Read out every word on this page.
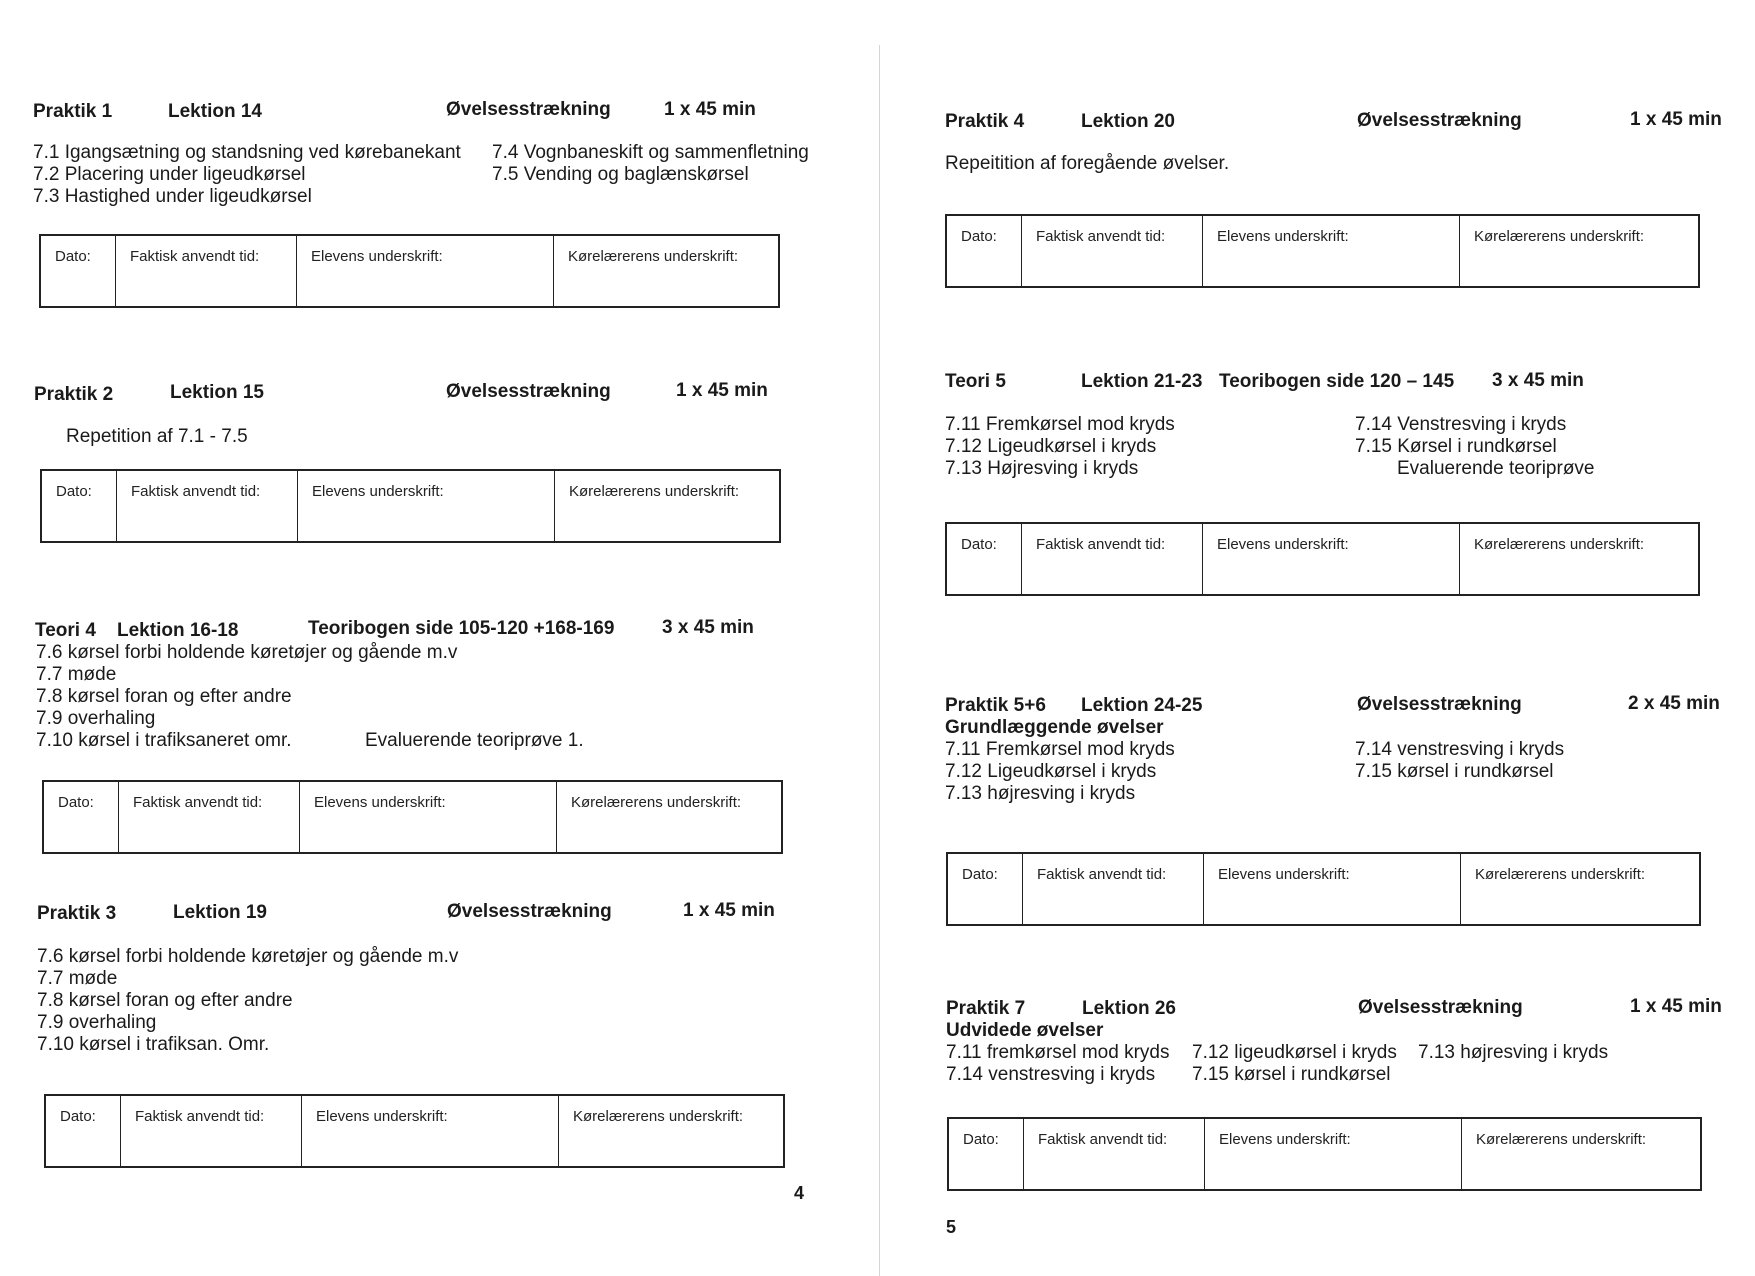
Praktik 1	Lektion 14	Øvelsesstrækning	1 x 45 min
7.1 Igangsætning og standsning ved kørebanekant
7.2 Placering under ligeudkørsel
7.3 Hastighed under ligeudkørsel
7.4 Vognbaneskift og sammenfletning
7.5 Vending og baglænskørsel
Dato:	Faktisk anvendt tid:	Elevens underskrift:	Kørelærerens underskrift:
Praktik 2	Lektion 15	Øvelsesstrækning	1 x 45 min
Repetition af 7.1 - 7.5
Dato:	Faktisk anvendt tid:	Elevens underskrift:	Kørelærerens underskrift:
Teori 4 Lektion 16-18	Teoribogen side 105-120 +168-169	3 x 45 min
7.6 kørsel forbi holdende køretøjer og gående m.v
7.7 møde
7.8 kørsel foran og efter andre
7.9 overhaling
7.10 kørsel i trafiksaneret omr.	Evaluerende teoriprøve 1.
Dato:	Faktisk anvendt tid:	Elevens underskrift:	Kørelærerens underskrift:
Praktik 3	Lektion 19	Øvelsesstrækning	1 x 45 min
7.6 kørsel forbi holdende køretøjer og gående m.v
7.7 møde
7.8 kørsel foran og efter andre
7.9 overhaling
7.10 kørsel i trafiksan. Omr.
Dato:	Faktisk anvendt tid:	Elevens underskrift:	Kørelærerens underskrift:
4
Praktik 4	Lektion 20	Øvelsesstrækning	1 x 45 min
Repeitition af foregående øvelser.
Dato:	Faktisk anvendt tid:	Elevens underskrift:	Kørelærerens underskrift:
Teori 5	Lektion 21-23 Teoribogen side 120 – 145 3 x 45 min
7.11 Fremkørsel mod kryds
7.12 Ligeudkørsel i kryds
7.13 Højresving i kryds
7.14 Venstresving i kryds
7.15 Kørsel i rundkørsel
Evaluerende teoriprøve
Dato:	Faktisk anvendt tid:	Elevens underskrift:	Kørelærerens underskrift:
Praktik 5+6 Lektion 24-25	Øvelsesstrækning	2 x 45 min
Grundlæggende øvelser
7.11 Fremkørsel mod kryds
7.12 Ligeudkørsel i kryds
7.13 højresving i kryds
7.14 venstresving i kryds
7.15 kørsel i rundkørsel
Dato:	Faktisk anvendt tid:	Elevens underskrift:	Kørelærerens underskrift:
Praktik 7	Lektion 26	Øvelsesstrækning	1 x 45 min
Udvidede øvelser
7.11 fremkørsel mod kryds
7.14 venstresving i kryds
7.12 ligeudkørsel i kryds
7.15 kørsel i rundkørsel
7.13 højresving i kryds
Dato:	Faktisk anvendt tid:	Elevens underskrift:	Kørelærerens underskrift:
5
